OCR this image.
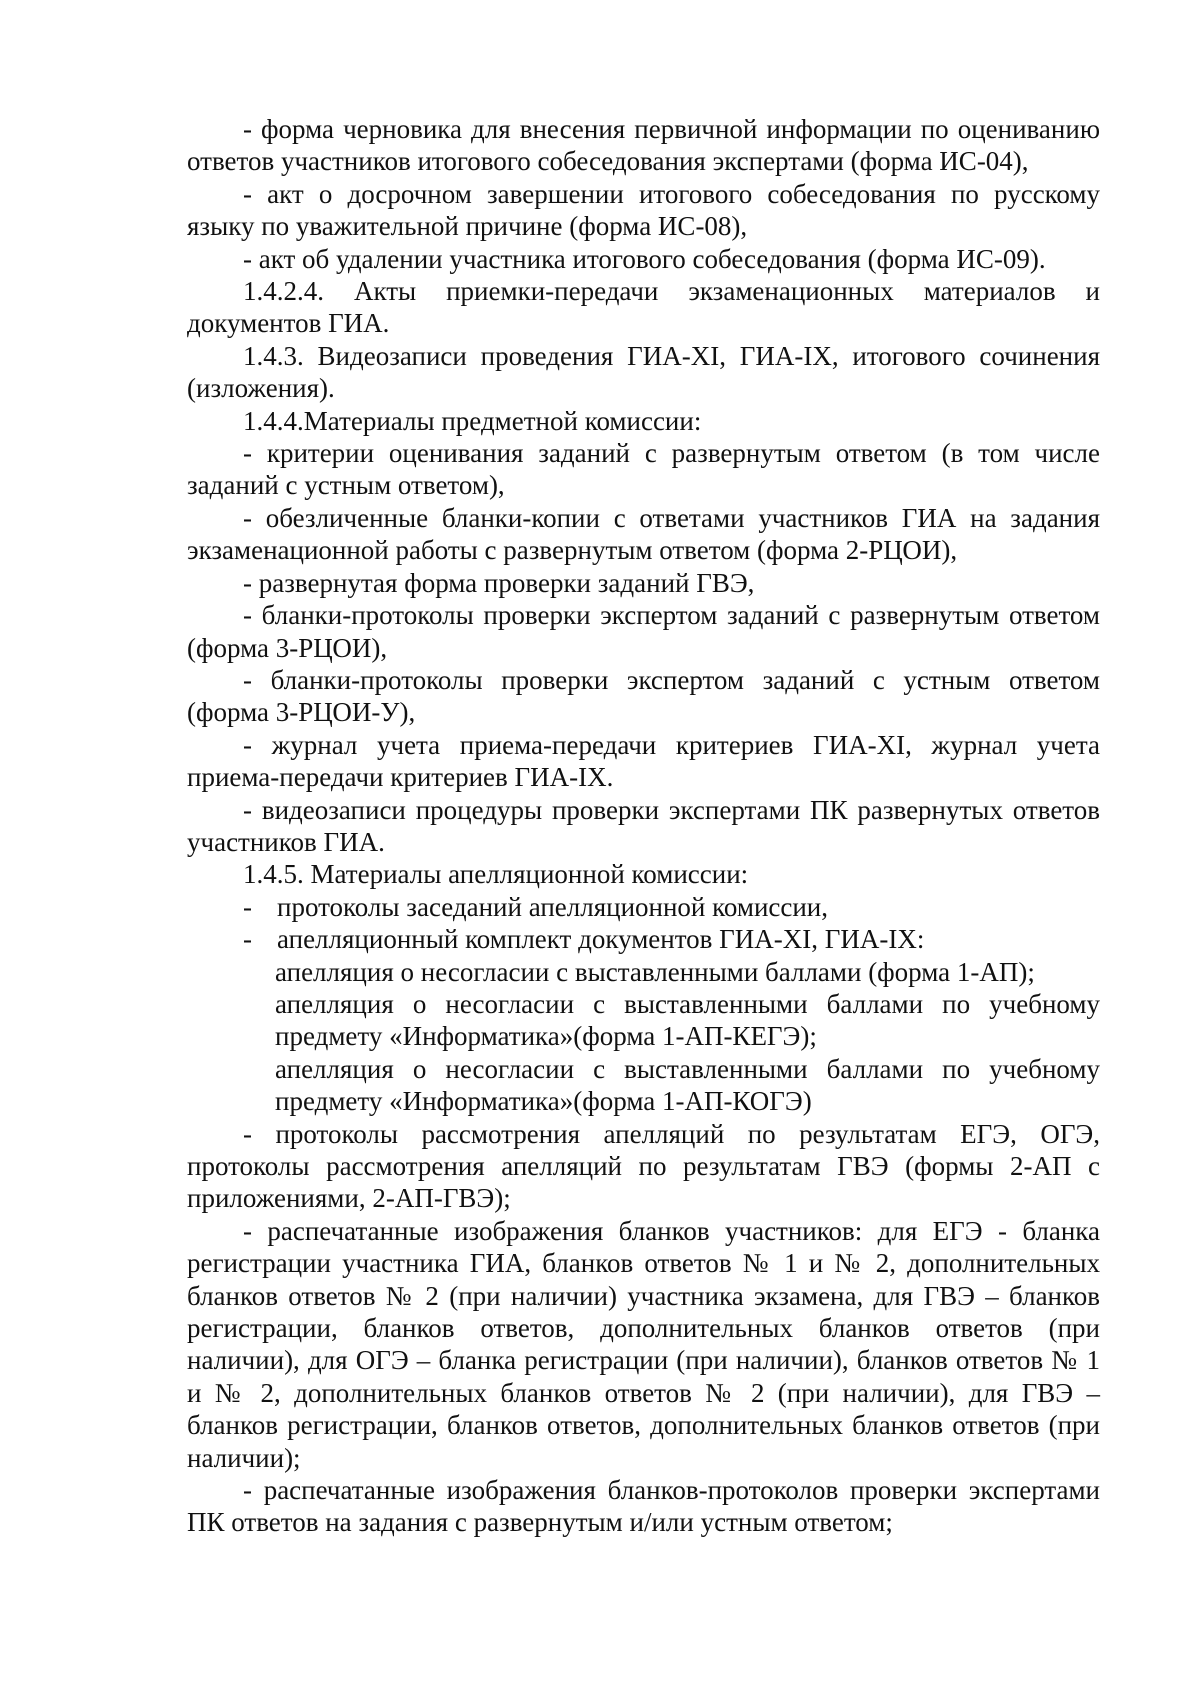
- форма черновика для внесения первичной информации по оцениванию ответов участников итогового собеседования экспертами (форма ИС-04),

- акт о досрочном завершении итогового собеседования по русскому языку по уважительной причине (форма ИС-08),

- акт об удалении участника итогового собеседования (форма ИС-09).

1.4.2.4. Акты приемки-передачи экзаменационных материалов и документов ГИА.

1.4.3. Видеозаписи проведения ГИА-XI, ГИА-IX, итогового сочинения (изложения).

1.4.4.Материалы предметной комиссии:

- критерии оценивания заданий с развернутым ответом (в том числе заданий с устным ответом),

- обезличенные бланки-копии с ответами участников ГИА на задания экзаменационной работы с развернутым ответом (форма 2-РЦОИ),

- развернутая форма проверки заданий ГВЭ,

- бланки-протоколы проверки экспертом заданий с развернутым ответом (форма 3-РЦОИ),

- бланки-протоколы проверки экспертом заданий с устным ответом (форма 3-РЦОИ-У),

- журнал учета приема-передачи критериев ГИА-XI, журнал учета приема-передачи критериев ГИА-IX.

- видеозаписи процедуры проверки экспертами ПК развернутых ответов участников ГИА.

1.4.5. Материалы апелляционной комиссии:

- протоколы заседаний апелляционной комиссии,
- апелляционный комплект документов ГИА-XI, ГИА-IX:

апелляция о несогласии с выставленными баллами (форма 1-АП);

апелляция о несогласии с выставленными баллами по учебному предмету «Информатика»(форма 1-АП-КЕГЭ);

апелляция о несогласии с выставленными баллами по учебному предмету «Информатика»(форма 1-АП-КОГЭ)

- протоколы рассмотрения апелляций по результатам ЕГЭ, ОГЭ, протоколы рассмотрения апелляций по результатам ГВЭ (формы 2-АП с приложениями, 2-АП-ГВЭ);

- распечатанные изображения бланков участников: для ЕГЭ - бланка регистрации участника ГИА, бланков ответов № 1 и № 2, дополнительных бланков ответов № 2 (при наличии) участника экзамена, для ГВЭ – бланков регистрации, бланков ответов, дополнительных бланков ответов (при наличии), для ОГЭ – бланка регистрации (при наличии), бланков ответов № 1 и № 2, дополнительных бланков ответов № 2 (при наличии), для ГВЭ – бланков регистрации, бланков ответов, дополнительных бланков ответов (при наличии);

- распечатанные изображения бланков-протоколов проверки экспертами ПК ответов на задания с развернутым и/или устным ответом;
